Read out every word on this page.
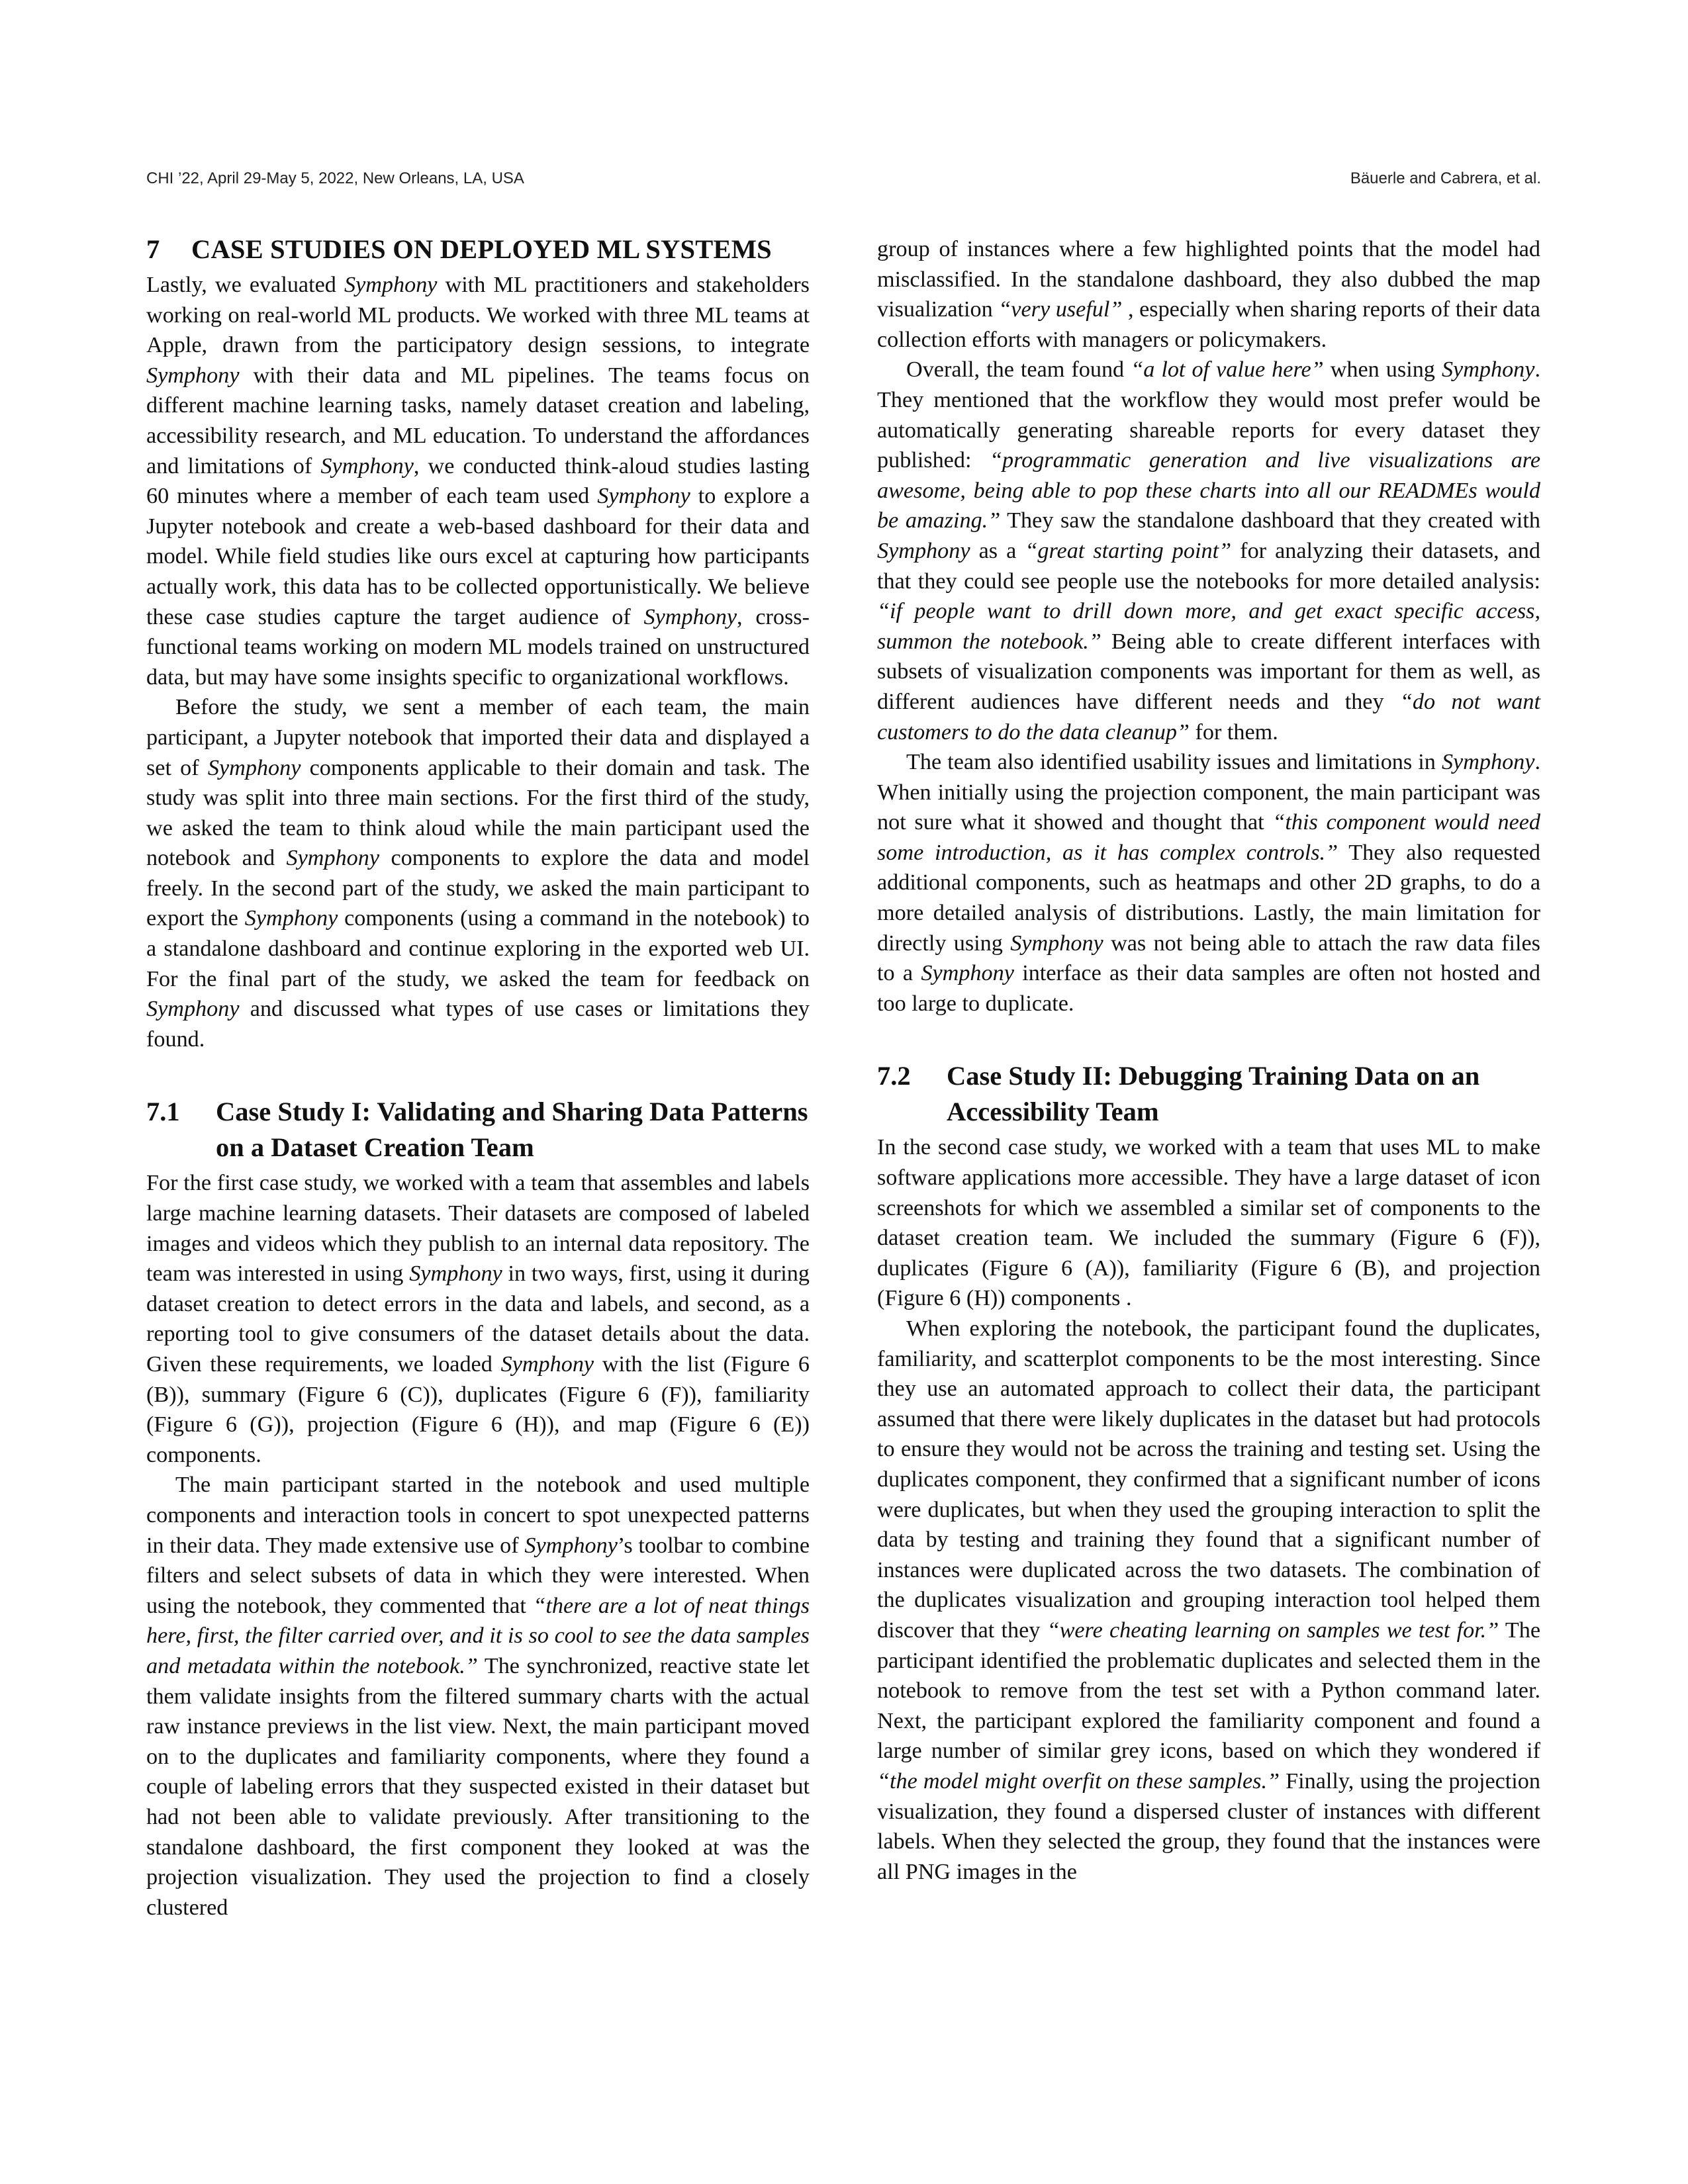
CHI ’22, April 29-May 5, 2022, New Orleans, LA, USA	Bäuerle and Cabrera, et al.
7 CASE STUDIES ON DEPLOYED ML SYSTEMS

Lastly, we evaluated Symphony with ML practitioners and stakeholders working on real-world ML products. We worked with three ML teams at Apple, drawn from the participatory design sessions, to integrate Symphony with their data and ML pipelines. The teams focus on different machine learning tasks, namely dataset creation and labeling, accessibility research, and ML education. To understand the affordances and limitations of Symphony, we conducted think-aloud studies lasting 60 minutes where a member of each team used Symphony to explore a Jupyter notebook and create a web-based dashboard for their data and model. While field studies like ours excel at capturing how participants actually work, this data has to be collected opportunistically. We believe these case studies capture the target audience of Symphony, cross-functional teams working on modern ML models trained on unstructured data, but may have some insights specific to organizational workflows.

Before the study, we sent a member of each team, the main participant, a Jupyter notebook that imported their data and displayed a set of Symphony components applicable to their domain and task. The study was split into three main sections. For the first third of the study, we asked the team to think aloud while the main participant used the notebook and Symphony components to explore the data and model freely. In the second part of the study, we asked the main participant to export the Symphony components (using a command in the notebook) to a standalone dashboard and continue exploring in the exported web UI. For the final part of the study, we asked the team for feedback on Symphony and discussed what types of use cases or limitations they found.

7.1	Case Study I: Validating and Sharing Data Patterns on a Dataset Creation Team

For the first case study, we worked with a team that assembles and labels large machine learning datasets. Their datasets are composed of labeled images and videos which they publish to an internal data repository. The team was interested in using Symphony in two ways, first, using it during dataset creation to detect errors in the data and labels, and second, as a reporting tool to give consumers of the dataset details about the data. Given these requirements, we loaded Symphony with the list (Figure 6 (B)), summary (Figure 6 (C)), duplicates (Figure 6 (F)), familiarity (Figure 6 (G)), projection (Figure 6 (H)), and map (Figure 6 (E)) components.

The main participant started in the notebook and used multiple components and interaction tools in concert to spot unexpected patterns in their data. They made extensive use of Symphony’s toolbar to combine filters and select subsets of data in which they were interested. When using the notebook, they commented that “there are a lot of neat things here, first, the filter carried over, and it is so cool to see the data samples and metadata within the notebook.” The synchronized, reactive state let them validate insights from the filtered summary charts with the actual raw instance previews in the list view. Next, the main participant moved on to the duplicates and familiarity components, where they found a couple of labeling errors that they suspected existed in their dataset but had not been able to validate previously. After transitioning to the standalone dashboard, the first component they looked at was the projection visualization. They used the projection to find a closely clustered

group of instances where a few highlighted points that the model had misclassified. In the standalone dashboard, they also dubbed the map visualization “very useful” , especially when sharing reports of their data collection efforts with managers or policymakers.

Overall, the team found “a lot of value here” when using Symphony. They mentioned that the workflow they would most prefer would be automatically generating shareable reports for every dataset they published: “programmatic generation and live visualizations are awesome, being able to pop these charts into all our READMEs would be amazing.” They saw the standalone dashboard that they created with Symphony as a “great starting point” for analyzing their datasets, and that they could see people use the notebooks for more detailed analysis: “if people want to drill down more, and get exact specific access, summon the notebook.” Being able to create different interfaces with subsets of visualization components was important for them as well, as different audiences have different needs and they “do not want customers to do the data cleanup” for them.

The team also identified usability issues and limitations in Symphony. When initially using the projection component, the main participant was not sure what it showed and thought that “this component would need some introduction, as it has complex controls.” They also requested additional components, such as heatmaps and other 2D graphs, to do a more detailed analysis of distributions. Lastly, the main limitation for directly using Symphony was not being able to attach the raw data files to a Symphony interface as their data samples are often not hosted and too large to duplicate.

7.2	Case Study II: Debugging Training Data on an Accessibility Team

In the second case study, we worked with a team that uses ML to make software applications more accessible. They have a large dataset of icon screenshots for which we assembled a similar set of components to the dataset creation team. We included the summary (Figure 6 (F)), duplicates (Figure 6 (A)), familiarity (Figure 6 (B), and projection (Figure 6 (H)) components .

When exploring the notebook, the participant found the duplicates, familiarity, and scatterplot components to be the most interesting. Since they use an automated approach to collect their data, the participant assumed that there were likely duplicates in the dataset but had protocols to ensure they would not be across the training and testing set. Using the duplicates component, they confirmed that a significant number of icons were duplicates, but when they used the grouping interaction to split the data by testing and training they found that a significant number of instances were duplicated across the two datasets. The combination of the duplicates visualization and grouping interaction tool helped them discover that they “were cheating learning on samples we test for.” The participant identified the problematic duplicates and selected them in the notebook to remove from the test set with a Python command later. Next, the participant explored the familiarity component and found a large number of similar grey icons, based on which they wondered if “the model might overfit on these samples.” Finally, using the projection visualization, they found a dispersed cluster of instances with different labels. When they selected the group, they found that the instances were all PNG images in the
